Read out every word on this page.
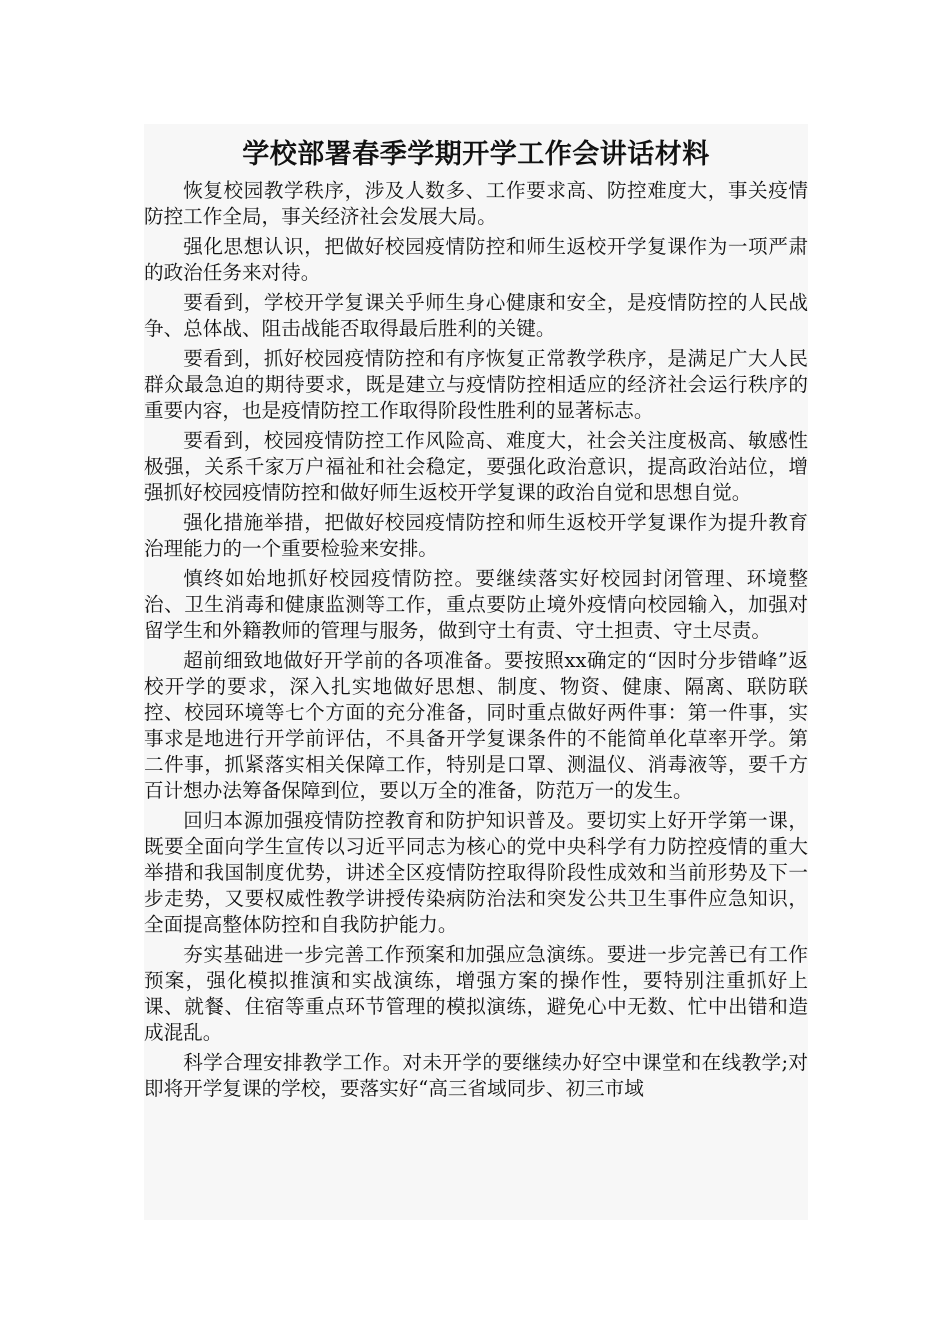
学校部署春季学期开学工作会讲话材料

恢复校园教学秩序，涉及人数多、工作要求高、防控难度大，事关疫情防控工作全局，事关经济社会发展大局。

强化思想认识，把做好校园疫情防控和师生返校开学复课作为一项严肃的政治任务来对待。

要看到，学校开学复课关乎师生身心健康和安全，是疫情防控的人民战争、总体战、阻击战能否取得最后胜利的关键。

要看到，抓好校园疫情防控和有序恢复正常教学秩序，是满足广大人民群众最急迫的期待要求，既是建立与疫情防控相适应的经济社会运行秩序的重要内容，也是疫情防控工作取得阶段性胜利的显著标志。

要看到，校园疫情防控工作风险高、难度大，社会关注度极高、敏感性极强，关系千家万户福祉和社会稳定，要强化政治意识，提高政治站位，增强抓好校园疫情防控和做好师生返校开学复课的政治自觉和思想自觉。

强化措施举措，把做好校园疫情防控和师生返校开学复课作为提升教育治理能力的一个重要检验来安排。

慎终如始地抓好校园疫情防控。要继续落实好校园封闭管理、环境整治、卫生消毒和健康监测等工作，重点要防止境外疫情向校园输入，加强对留学生和外籍教师的管理与服务，做到守土有责、守土担责、守土尽责。

超前细致地做好开学前的各项准备。要按照xx确定的“因时分步错峰”返校开学的要求，深入扎实地做好思想、制度、物资、健康、隔离、联防联控、校园环境等七个方面的充分准备，同时重点做好两件事：第一件事，实事求是地进行开学前评估，不具备开学复课条件的不能简单化草率开学。第二件事，抓紧落实相关保障工作，特别是口罩、测温仪、消毒液等，要千方百计想办法筹备保障到位，要以万全的准备，防范万一的发生。

回归本源加强疫情防控教育和防护知识普及。要切实上好开学第一课，既要全面向学生宣传以习近平同志为核心的党中央科学有力防控疫情的重大举措和我国制度优势，讲述全区疫情防控取得阶段性成效和当前形势及下一步走势，又要权威性教学讲授传染病防治法和突发公共卫生事件应急知识，全面提高整体防控和自我防护能力。

夯实基础进一步完善工作预案和加强应急演练。要进一步完善已有工作预案，强化模拟推演和实战演练，增强方案的操作性，要特别注重抓好上课、就餐、住宿等重点环节管理的模拟演练，避免心中无数、忙中出错和造成混乱。

科学合理安排教学工作。对未开学的要继续办好空中课堂和在线教学;对即将开学复课的学校，要落实好“高三省域同步、初三市域
